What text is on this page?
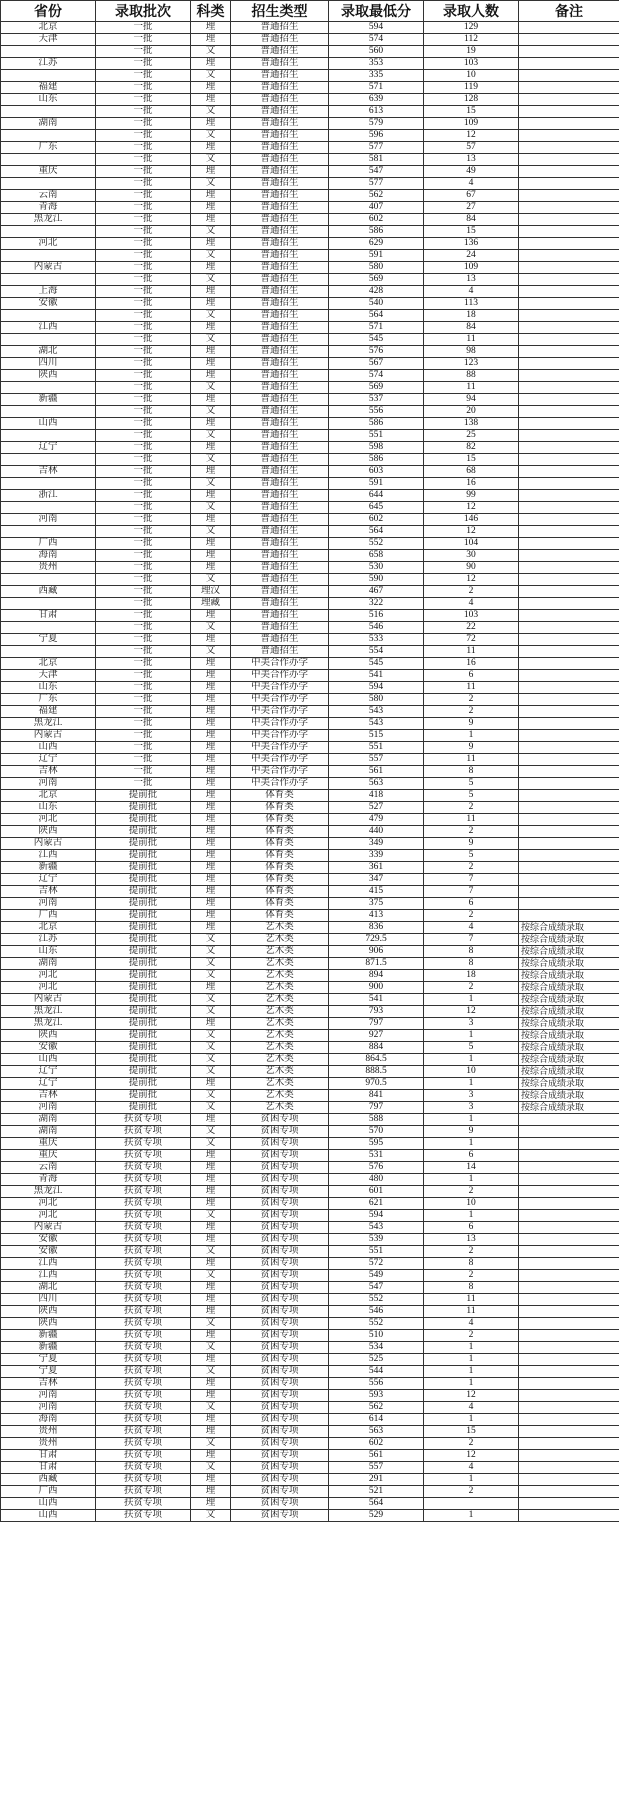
省份	录取批次	科类	招生类型	录取最低分	录取人数	备注
北京	一批	理	普通招生	594	129	
天津	一批	理	普通招生	574	112	
	一批	文	普通招生	560	19	
江苏	一批	理	普通招生	353	103	
	一批	文	普通招生	335	10	
福建	一批	理	普通招生	571	119	
山东	一批	理	普通招生	639	128	
	一批	文	普通招生	613	15	
湖南	一批	理	普通招生	579	109	
	一批	文	普通招生	596	12	
广东	一批	理	普通招生	577	57	
	一批	文	普通招生	581	13	
重庆	一批	理	普通招生	547	49	
	一批	文	普通招生	577	4	
云南	一批	理	普通招生	562	67	
青海	一批	理	普通招生	407	27	
黑龙江	一批	理	普通招生	602	84	
	一批	文	普通招生	586	15	
河北	一批	理	普通招生	629	136	
	一批	文	普通招生	591	24	
内蒙古	一批	理	普通招生	580	109	
	一批	文	普通招生	569	13	
上海	一批	理	普通招生	428	4	
安徽	一批	理	普通招生	540	113	
	一批	文	普通招生	564	18	
江西	一批	理	普通招生	571	84	
	一批	文	普通招生	545	11	
湖北	一批	理	普通招生	576	98	
四川	一批	理	普通招生	567	123	
陕西	一批	理	普通招生	574	88	
	一批	文	普通招生	569	11	
新疆	一批	理	普通招生	537	94	
	一批	文	普通招生	556	20	
山西	一批	理	普通招生	586	138	
	一批	文	普通招生	551	25	
辽宁	一批	理	普通招生	598	82	
	一批	文	普通招生	586	15	
吉林	一批	理	普通招生	603	68	
	一批	文	普通招生	591	16	
浙江	一批	理	普通招生	644	99	
	一批	文	普通招生	645	12	
河南	一批	理	普通招生	602	146	
	一批	文	普通招生	564	12	
广西	一批	理	普通招生	552	104	
海南	一批	理	普通招生	658	30	
贵州	一批	理	普通招生	530	90	
	一批	文	普通招生	590	12	
西藏	一批	理汉	普通招生	467	2	
	一批	理藏	普通招生	322	4	
甘肃	一批	理	普通招生	516	103	
	一批	文	普通招生	546	22	
宁夏	一批	理	普通招生	533	72	
	一批	文	普通招生	554	11	
北京	一批	理	中美合作办学	545	16	
天津	一批	理	中美合作办学	541	6	
山东	一批	理	中美合作办学	594	11	
广东	一批	理	中美合作办学	580	2	
福建	一批	理	中美合作办学	543	2	
黑龙江	一批	理	中美合作办学	543	9	
内蒙古	一批	理	中美合作办学	515	1	
山西	一批	理	中美合作办学	551	9	
辽宁	一批	理	中美合作办学	557	11	
吉林	一批	理	中美合作办学	561	8	
河南	一批	理	中美合作办学	563	5	
北京	提前批	理	体育类	418	5	
山东	提前批	理	体育类	527	2	
河北	提前批	理	体育类	479	11	
陕西	提前批	理	体育类	440	2	
内蒙古	提前批	理	体育类	349	9	
江西	提前批	理	体育类	339	5	
新疆	提前批	理	体育类	361	2	
辽宁	提前批	理	体育类	347	7	
吉林	提前批	理	体育类	415	7	
河南	提前批	理	体育类	375	6	
广西	提前批	理	体育类	413	2	
北京	提前批	理	艺术类	836	4	按综合成绩录取
江苏	提前批	文	艺术类	729.5	7	按综合成绩录取
山东	提前批	文	艺术类	906	8	按综合成绩录取
湖南	提前批	文	艺术类	871.5	8	按综合成绩录取
河北	提前批	文	艺术类	894	18	按综合成绩录取
河北	提前批	理	艺术类	900	2	按综合成绩录取
内蒙古	提前批	文	艺术类	541	1	按综合成绩录取
黑龙江	提前批	文	艺术类	793	12	按综合成绩录取
黑龙江	提前批	理	艺术类	797	3	按综合成绩录取
陕西	提前批	文	艺术类	927	1	按综合成绩录取
安徽	提前批	文	艺术类	884	5	按综合成绩录取
山西	提前批	文	艺术类	864.5	1	按综合成绩录取
辽宁	提前批	文	艺术类	888.5	10	按综合成绩录取
辽宁	提前批	理	艺术类	970.5	1	按综合成绩录取
吉林	提前批	文	艺术类	841	3	按综合成绩录取
河南	提前批	文	艺术类	797	3	按综合成绩录取
湖南	扶贫专项	理	贫困专项	588	1	
湖南	扶贫专项	文	贫困专项	570	9	
重庆	扶贫专项	文	贫困专项	595	1	
重庆	扶贫专项	理	贫困专项	531	6	
云南	扶贫专项	理	贫困专项	576	14	
青海	扶贫专项	理	贫困专项	480	1	
黑龙江	扶贫专项	理	贫困专项	601	2	
河北	扶贫专项	理	贫困专项	621	10	
河北	扶贫专项	文	贫困专项	594	1	
内蒙古	扶贫专项	理	贫困专项	543	6	
安徽	扶贫专项	理	贫困专项	539	13	
安徽	扶贫专项	文	贫困专项	551	2	
江西	扶贫专项	理	贫困专项	572	8	
江西	扶贫专项	文	贫困专项	549	2	
湖北	扶贫专项	理	贫困专项	547	8	
四川	扶贫专项	理	贫困专项	552	11	
陕西	扶贫专项	理	贫困专项	546	11	
陕西	扶贫专项	文	贫困专项	552	4	
新疆	扶贫专项	理	贫困专项	510	2	
新疆	扶贫专项	文	贫困专项	534	1	
宁夏	扶贫专项	理	贫困专项	525	1	
宁夏	扶贫专项	文	贫困专项	544	1	
吉林	扶贫专项	理	贫困专项	556	1	
河南	扶贫专项	理	贫困专项	593	12	
河南	扶贫专项	文	贫困专项	562	4	
海南	扶贫专项	理	贫困专项	614	1	
贵州	扶贫专项	理	贫困专项	563	15	
贵州	扶贫专项	文	贫困专项	602	2	
甘肃	扶贫专项	理	贫困专项	561	12	
甘肃	扶贫专项	文	贫困专项	557	4	
西藏	扶贫专项	理	贫困专项	291	1	
广西	扶贫专项	理	贫困专项	521	2	
山西	扶贫专项	理	贫困专项	564		
山西	扶贫专项	文	贫困专项	529	1	
